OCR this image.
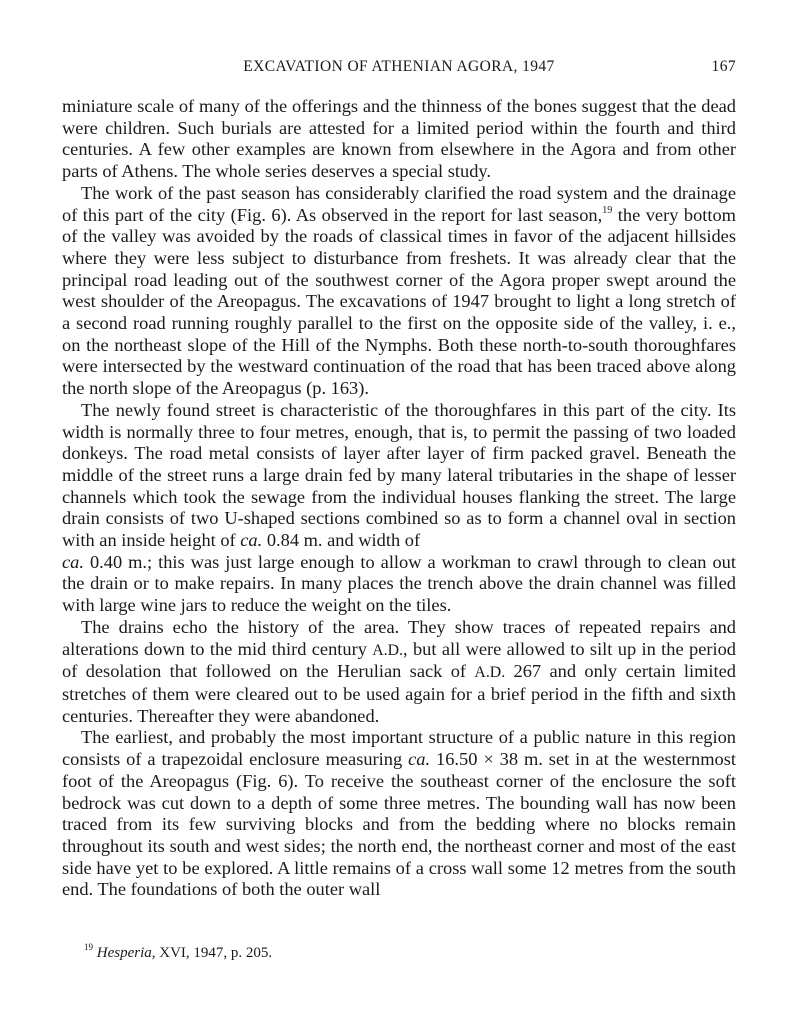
EXCAVATION OF ATHENIAN AGORA, 1947	167

miniature scale of many of the offerings and the thinness of the bones suggest that the dead were children. Such burials are attested for a limited period within the fourth and third centuries. A few other examples are known from elsewhere in the Agora and from other parts of Athens. The whole series deserves a special study.

The work of the past season has considerably clarified the road system and the drainage of this part of the city (Fig. 6). As observed in the report for last season,$^{19}$ the very bottom of the valley was avoided by the roads of classical times in favor of the adjacent hillsides where they were less subject to disturbance from freshets. It was already clear that the principal road leading out of the southwest corner of the Agora proper swept around the west shoulder of the Areopagus. The excavations of 1947 brought to light a long stretch of a second road running roughly parallel to the first on the opposite side of the valley, i. e., on the northeast slope of the Hill of the Nymphs. Both these north-to-south thoroughfares were intersected by the westward continuation of the road that has been traced above along the north slope of the Areopagus (p. 163).

The newly found street is characteristic of the thoroughfares in this part of the city. Its width is normally three to four metres, enough, that is, to permit the passing of two loaded donkeys. The road metal consists of layer after layer of firm packed gravel. Beneath the middle of the street runs a large drain fed by many lateral tributaries in the shape of lesser channels which took the sewage from the individual houses flanking the street. The large drain consists of two U-shaped sections combined so as to form a channel oval in section with an inside height of ca. 0.84 m. and width of
ca. 0.40 m.; this was just large enough to allow a workman to crawl through to clean out the drain or to make repairs. In many places the trench above the drain channel was filled with large wine jars to reduce the weight on the tiles.

The drains echo the history of the area. They show traces of repeated repairs and alterations down to the mid third century A.D., but all were allowed to silt up in the period of desolation that followed on the Herulian sack of A.D. 267 and only certain limited stretches of them were cleared out to be used again for a brief period in the fifth and sixth centuries. Thereafter they were abandoned.

The earliest, and probably the most important structure of a public nature in this region consists of a trapezoidal enclosure measuring ca. 16.50 × 38 m. set in at the westernmost foot of the Areopagus (Fig. 6). To receive the southeast corner of the enclosure the soft bedrock was cut down to a depth of some three metres. The bounding wall has now been traced from its few surviving blocks and from the bedding where no blocks remain throughout its south and west sides; the north end, the northeast corner and most of the east side have yet to be explored. A little remains of a cross wall some 12 metres from the south end. The foundations of both the outer wall

$^{19}$ Hesperia, XVI, 1947, p. 205.
